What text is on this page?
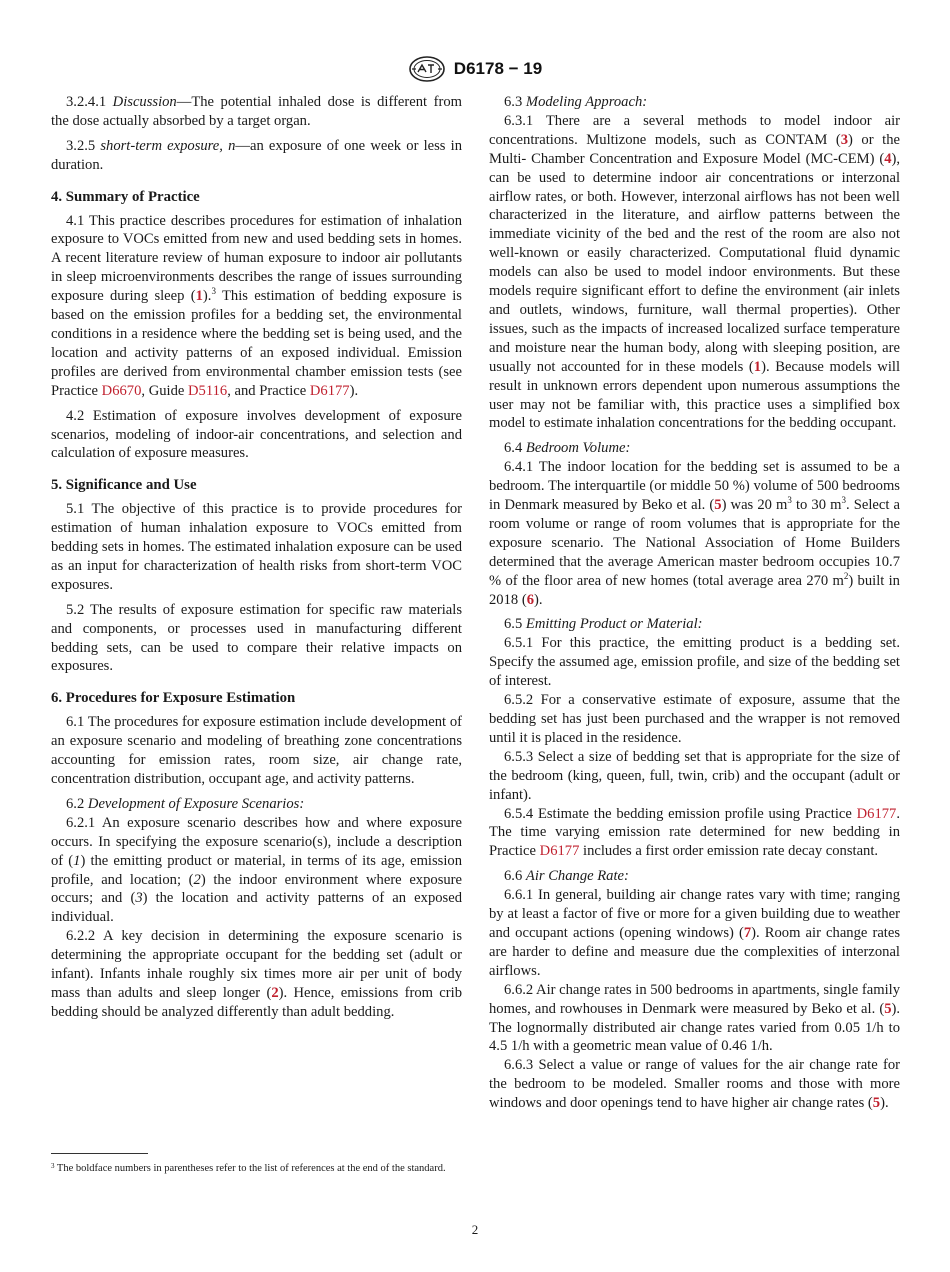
D6178 − 19

3.2.4.1 Discussion—The potential inhaled dose is different from the dose actually absorbed by a target organ.

3.2.5 short-term exposure, n—an exposure of one week or less in duration.

4. Summary of Practice

4.1 This practice describes procedures for estimation of inhalation exposure to VOCs emitted from new and used bedding sets in homes. A recent literature review of human exposure to indoor air pollutants in sleep microenvironments describes the range of issues surrounding exposure during sleep (1).$^3$ This estimation of bedding exposure is based on the emission profiles for a bedding set, the environmental conditions in a residence where the bedding set is being used, and the location and activity patterns of an exposed individual. Emission profiles are derived from environmental chamber emission tests (see Practice D6670, Guide D5116, and Practice D6177).

4.2 Estimation of exposure involves development of exposure scenarios, modeling of indoor-air concentrations, and selection and calculation of exposure measures.

5. Significance and Use

5.1 The objective of this practice is to provide procedures for estimation of human inhalation exposure to VOCs emitted from bedding sets in homes. The estimated inhalation exposure can be used as an input for characterization of health risks from short-term VOC exposures.

5.2 The results of exposure estimation for specific raw materials and components, or processes used in manufacturing different bedding sets, can be used to compare their relative impacts on exposures.

6. Procedures for Exposure Estimation

6.1 The procedures for exposure estimation include development of an exposure scenario and modeling of breathing zone concentrations accounting for emission rates, room size, air change rate, concentration distribution, occupant age, and activity patterns.

6.2 Development of Exposure Scenarios:

6.2.1 An exposure scenario describes how and where exposure occurs. In specifying the exposure scenario(s), include a description of (1) the emitting product or material, in terms of its age, emission profile, and location; (2) the indoor environment where exposure occurs; and (3) the location and activity patterns of an exposed individual.

6.2.2 A key decision in determining the exposure scenario is determining the appropriate occupant for the bedding set (adult or infant). Infants inhale roughly six times more air per unit of body mass than adults and sleep longer (2). Hence, emissions from crib bedding should be analyzed differently than adult bedding.

$^3$ The boldface numbers in parentheses refer to the list of references at the end of the standard.

6.3 Modeling Approach:

6.3.1 There are a several methods to model indoor air concentrations. Multizone models, such as CONTAM (3) or the Multi- Chamber Concentration and Exposure Model (MC-CEM) (4), can be used to determine indoor air concentrations or interzonal airflow rates, or both. However, interzonal airflows has not been well characterized in the literature, and airflow patterns between the immediate vicinity of the bed and the rest of the room are also not well-known or easily characterized. Computational fluid dynamic models can also be used to model indoor environments. But these models require significant effort to define the environment (air inlets and outlets, windows, furniture, wall thermal properties). Other issues, such as the impacts of increased localized surface temperature and moisture near the human body, along with sleeping position, are usually not accounted for in these models (1). Because models will result in unknown errors dependent upon numerous assumptions the user may not be familiar with, this practice uses a simplified box model to estimate inhalation concentrations for the bedding occupant.

6.4 Bedroom Volume:

6.4.1 The indoor location for the bedding set is assumed to be a bedroom. The interquartile (or middle 50 %) volume of 500 bedrooms in Denmark measured by Beko et al. (5) was 20 $m^3$ to 30 $m^3$. Select a room volume or range of room volumes that is appropriate for the exposure scenario. The National Association of Home Builders determined that the average American master bedroom occupies 10.7 % of the floor area of new homes (total average area 270 $m^2$) built in 2018 (6).

6.5 Emitting Product or Material:

6.5.1 For this practice, the emitting product is a bedding set. Specify the assumed age, emission profile, and size of the bedding set of interest.

6.5.2 For a conservative estimate of exposure, assume that the bedding set has just been purchased and the wrapper is not removed until it is placed in the residence.

6.5.3 Select a size of bedding set that is appropriate for the size of the bedroom (king, queen, full, twin, crib) and the occupant (adult or infant).

6.5.4 Estimate the bedding emission profile using Practice D6177. The time varying emission rate determined for new bedding in Practice D6177 includes a first order emission rate decay constant.

6.6 Air Change Rate:

6.6.1 In general, building air change rates vary with time; ranging by at least a factor of five or more for a given building due to weather and occupant actions (opening windows) (7). Room air change rates are harder to define and measure due the complexities of interzonal airflows.

6.6.2 Air change rates in 500 bedrooms in apartments, single family homes, and rowhouses in Denmark were measured by Beko et al. (5). The lognormally distributed air change rates varied from 0.05 1/h to 4.5 1/h with a geometric mean value of 0.46 1/h.

6.6.3 Select a value or range of values for the air change rate for the bedroom to be modeled. Smaller rooms and those with more windows and door openings tend to have higher air change rates (5).

2
